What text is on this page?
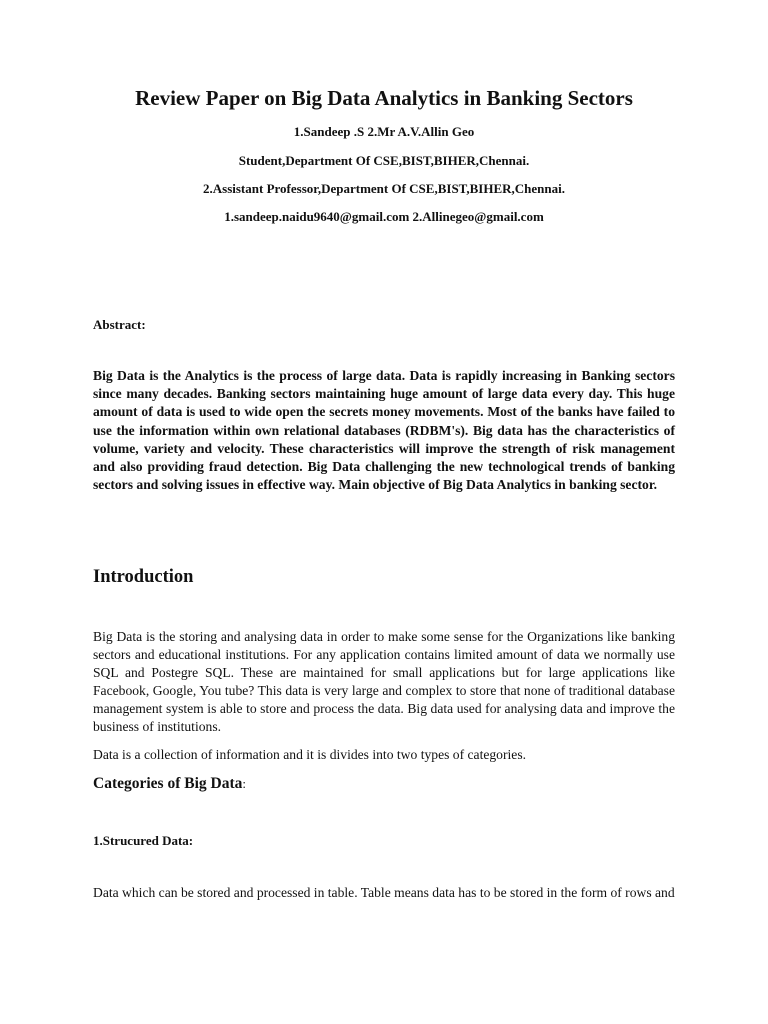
Review Paper on Big Data Analytics in Banking Sectors

1.Sandeep .S 2.Mr A.V.Allin Geo

Student,Department Of CSE,BIST,BIHER,Chennai.

2.Assistant Professor,Department Of CSE,BIST,BIHER,Chennai.

1.sandeep.naidu9640@gmail.com 2.Allinegeo@gmail.com

Abstract:

Big Data is the Analytics is the process of large data. Data is rapidly increasing in Banking sectors since many decades. Banking sectors maintaining huge amount of large data every day. This huge amount of data is used to wide open the secrets money movements. Most of the banks have failed to use the information within own relational databases (RDBM's). Big data has the characteristics of volume, variety and velocity. These characteristics will improve the strength of risk management and also providing fraud detection. Big Data challenging the new technological trends of banking sectors and solving issues in effective way. Main objective of Big Data Analytics in banking sector.

Introduction

Big Data is the storing and analysing data in order to make some sense for the Organizations like banking sectors and educational institutions. For any application contains limited amount of data we normally use SQL and Postegre SQL. These are maintained for small applications but for large applications like Facebook, Google, You tube? This data is very large and complex to store that none of traditional database management system is able to store and process the data. Big data used for analysing data and improve the business of institutions.

Data is a collection of information and it is divides into two types of categories.

Categories of Big Data:
1.Strucured Data:

Data which can be stored and processed in table. Table means data has to be stored in the form of rows and
